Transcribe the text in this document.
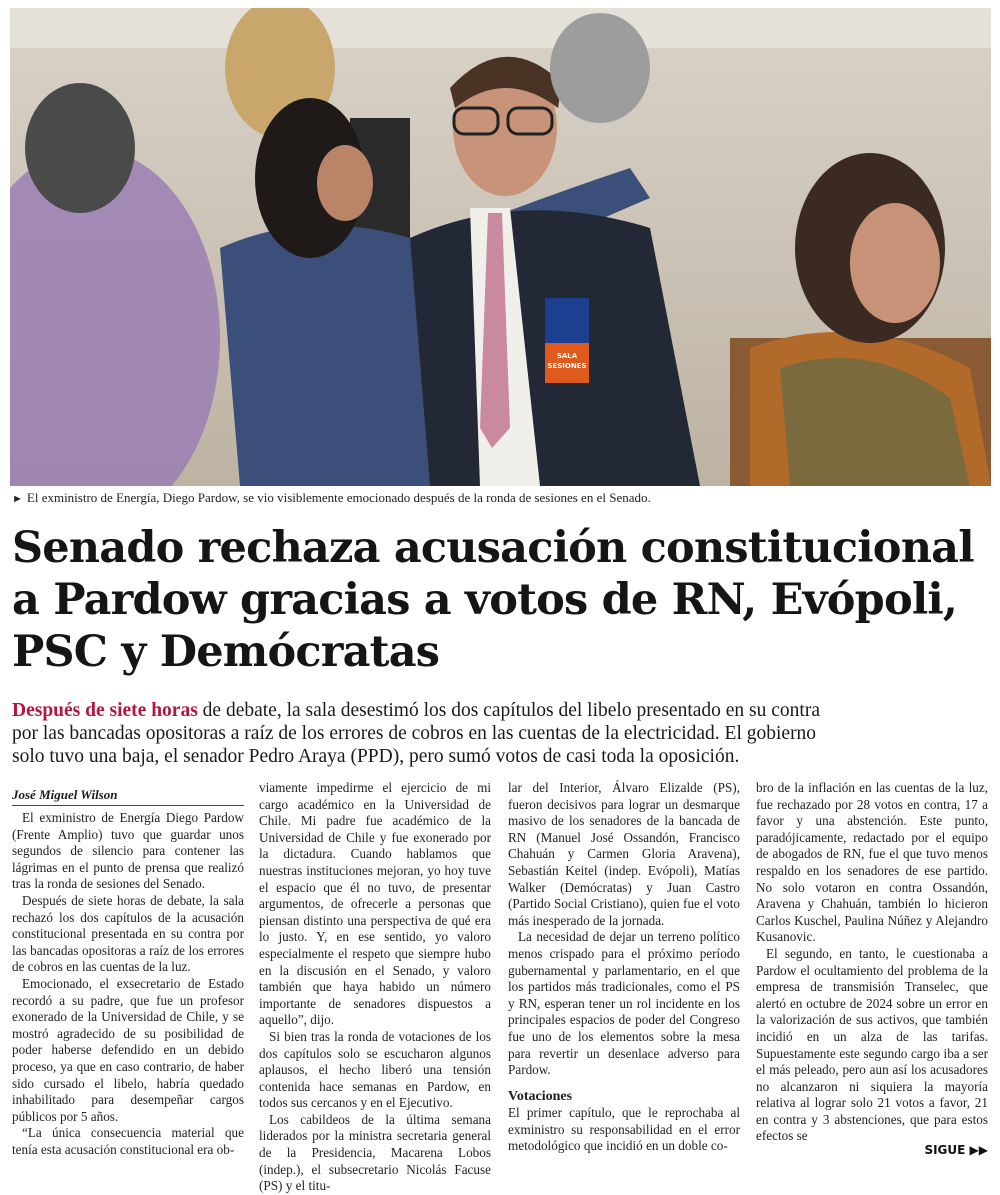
SALA
SESIONES
► El exministro de Energía, Diego Pardow, se vio visiblemente emocionado después de la ronda de sesiones en el Senado.
Senado rechaza acusación constitucional a Pardow gracias a votos de RN, Evópoli, PSC y Demócratas
Después de siete horas de debate, la sala desestimó los dos capítulos del libelo presentado en su contra por las bancadas opositoras a raíz de los errores de cobros en las cuentas de la electricidad. El gobierno solo tuvo una baja, el senador Pedro Araya (PPD), pero sumó votos de casi toda la oposición.
José Miguel Wilson

El exministro de Energía Diego Pardow (Frente Amplio) tuvo que guardar unos segundos de silencio para contener las lágrimas en el punto de prensa que realizó tras la ronda de sesiones del Senado.

Después de siete horas de debate, la sala rechazó los dos capítulos de la acusación constitucional presentada en su contra por las bancadas opositoras a raíz de los errores de cobros en las cuentas de la luz.

Emocionado, el exsecretario de Estado recordó a su padre, que fue un profesor exonerado de la Universidad de Chile, y se mostró agradecido de su posibilidad de poder haberse defendido en un debido proceso, ya que en caso contrario, de haber sido cursado el libelo, habría quedado inhabilitado para desempeñar cargos públicos por 5 años.

“La única consecuencia material que tenía esta acusación constitucional era ob-

viamente impedirme el ejercicio de mi cargo académico en la Universidad de Chile. Mi padre fue académico de la Universidad de Chile y fue exonerado por la dictadura. Cuando hablamos que nuestras instituciones mejoran, yo hoy tuve el espacio que él no tuvo, de presentar argumentos, de ofrecerle a personas que piensan distinto una perspectiva de qué era lo justo. Y, en ese sentido, yo valoro especialmente el respeto que siempre hubo en la discusión en el Senado, y valoro también que haya habido un número importante de senadores dispuestos a aquello”, dijo.

Si bien tras la ronda de votaciones de los dos capítulos solo se escucharon algunos aplausos, el hecho liberó una tensión contenida hace semanas en Pardow, en todos sus cercanos y en el Ejecutivo.

Los cabildeos de la última semana liderados por la ministra secretaria general de la Presidencia, Macarena Lobos (indep.), el subsecretario Nicolás Facuse (PS) y el titu-

lar del Interior, Álvaro Elizalde (PS), fueron decisivos para lograr un desmarque masivo de los senadores de la bancada de RN (Manuel José Ossandón, Francisco Chahuán y Carmen Gloria Aravena), Sebastián Keitel (indep. Evópoli), Matías Walker (Demócratas) y Juan Castro (Partido Social Cristiano), quien fue el voto más inesperado de la jornada.

La necesidad de dejar un terreno político menos crispado para el próximo período gubernamental y parlamentario, en el que los partidos más tradicionales, como el PS y RN, esperan tener un rol incidente en los principales espacios de poder del Congreso fue uno de los elementos sobre la mesa para revertir un desenlace adverso para Pardow.

Votaciones

El primer capítulo, que le reprochaba al exministro su responsabilidad en el error metodológico que incidió en un doble co-

bro de la inflación en las cuentas de la luz, fue rechazado por 28 votos en contra, 17 a favor y una abstención. Este punto, paradójicamente, redactado por el equipo de abogados de RN, fue el que tuvo menos respaldo en los senadores de ese partido. No solo votaron en contra Ossandón, Aravena y Chahuán, también lo hicieron Carlos Kuschel, Paulina Núñez y Alejandro Kusanovic.

El segundo, en tanto, le cuestionaba a Pardow el ocultamiento del problema de la empresa de transmisión Transelec, que alertó en octubre de 2024 sobre un error en la valorización de sus activos, que también incidió en un alza de las tarifas. Supuestamente este segundo cargo iba a ser el más peleado, pero aun así los acusadores no alcanzaron ni siquiera la mayoría relativa al lograr solo 21 votos a favor, 21 en contra y 3 abstenciones, que para estos efectos se

SIGUE ▶▶
